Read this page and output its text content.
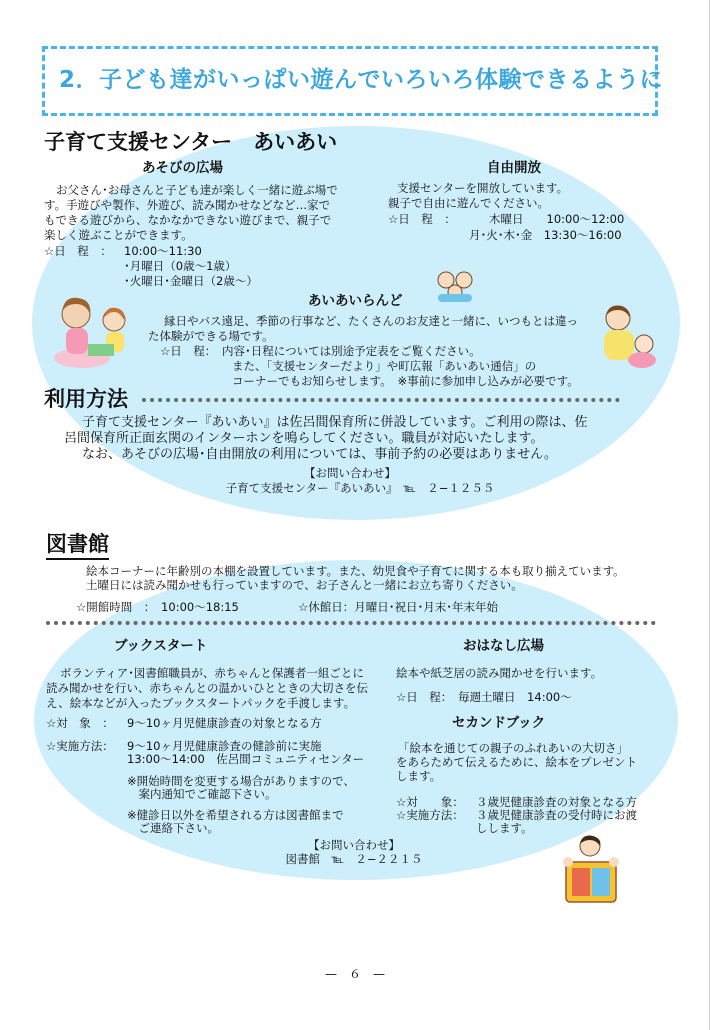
2．子ども達がいっぱい遊んでいろいろ体験できるように
子育て支援センター　あいあい
あそびの広場
お父さん･お母さんと子ども達が楽しく一緒に遊ぶ場で
す。手遊びや製作、外遊び、読み聞かせなどなど…家で
もできる遊びから、なかなかできない遊びまで、親子で
楽しく遊ぶことができます。
☆日　程　： 10:00～11:30
･月曜日（0歳～1歳）
･火曜日･金曜日（2歳～）
自由開放
支援センターを開放しています。
親子で自由に遊んでください。
☆日　程　：	木曜日　　10:00～12:00
月･火･木･金　13:30～16:00
あいあいらんど
縁日やバス遠足、季節の行事など、たくさんのお友達と一緒に、いつもとは違っ
た体験ができる場です。
☆日　程：　内容･日程については別途予定表をご覧ください。
また、「支援センターだより」や町広報「あいあい通信」の
コーナーでもお知らせします。　※事前に参加申し込みが必要です。
利用方法
子育て支援センター『あいあい』は佐呂間保育所に併設しています。ご利用の際は、佐
呂間保育所正面玄関のインターホンを鳴らしてください。職員が対応いたします。
なお、あそびの広場･自由開放の利用については、事前予約の必要はありません。
【お問い合わせ】
子育て支援センター『あいあい』　℡　２−１２５５
図書館
絵本コーナーに年齢別の本棚を設置しています。また、幼児食や子育てに関する本も取り揃えています。
土曜日には読み聞かせも行っていますので、お子さんと一緒にお立ち寄りください。
☆開館時間　：　10:00～18:15	☆休館日：月曜日･祝日･月末･年末年始
ブックスタート
ボランティア･図書館職員が、赤ちゃんと保護者一組ごとに
読み聞かせを行い、赤ちゃんとの温かいひとときの大切さを伝
え、絵本などが入ったブックスタートパックを手渡します。
☆対　象　： 9～10ヶ月児健康診査の対象となる方
☆実施方法： 9～10ヶ月児健康診査の健診前に実施
13:00～14:00　佐呂間コミュニティセンター
※開始時間を変更する場合がありますので、
　案内通知でご確認下さい。
※健診日以外を希望される方は図書館まで
　ご連絡下さい。
おはなし広場
絵本や紙芝居の読み聞かせを行います。
☆日　程：　毎週土曜日　14:00～
セカンドブック
「絵本を通じての親子のふれあいの大切さ」
をあらためて伝えるために、絵本をプレゼント
します。
☆対　　象： ３歳児健康診査の対象となる方
☆実施方法： ３歳児健康診査の受付時にお渡
しします。
【お問い合わせ】
図書館　℡　２−２２１５
—　６　—
